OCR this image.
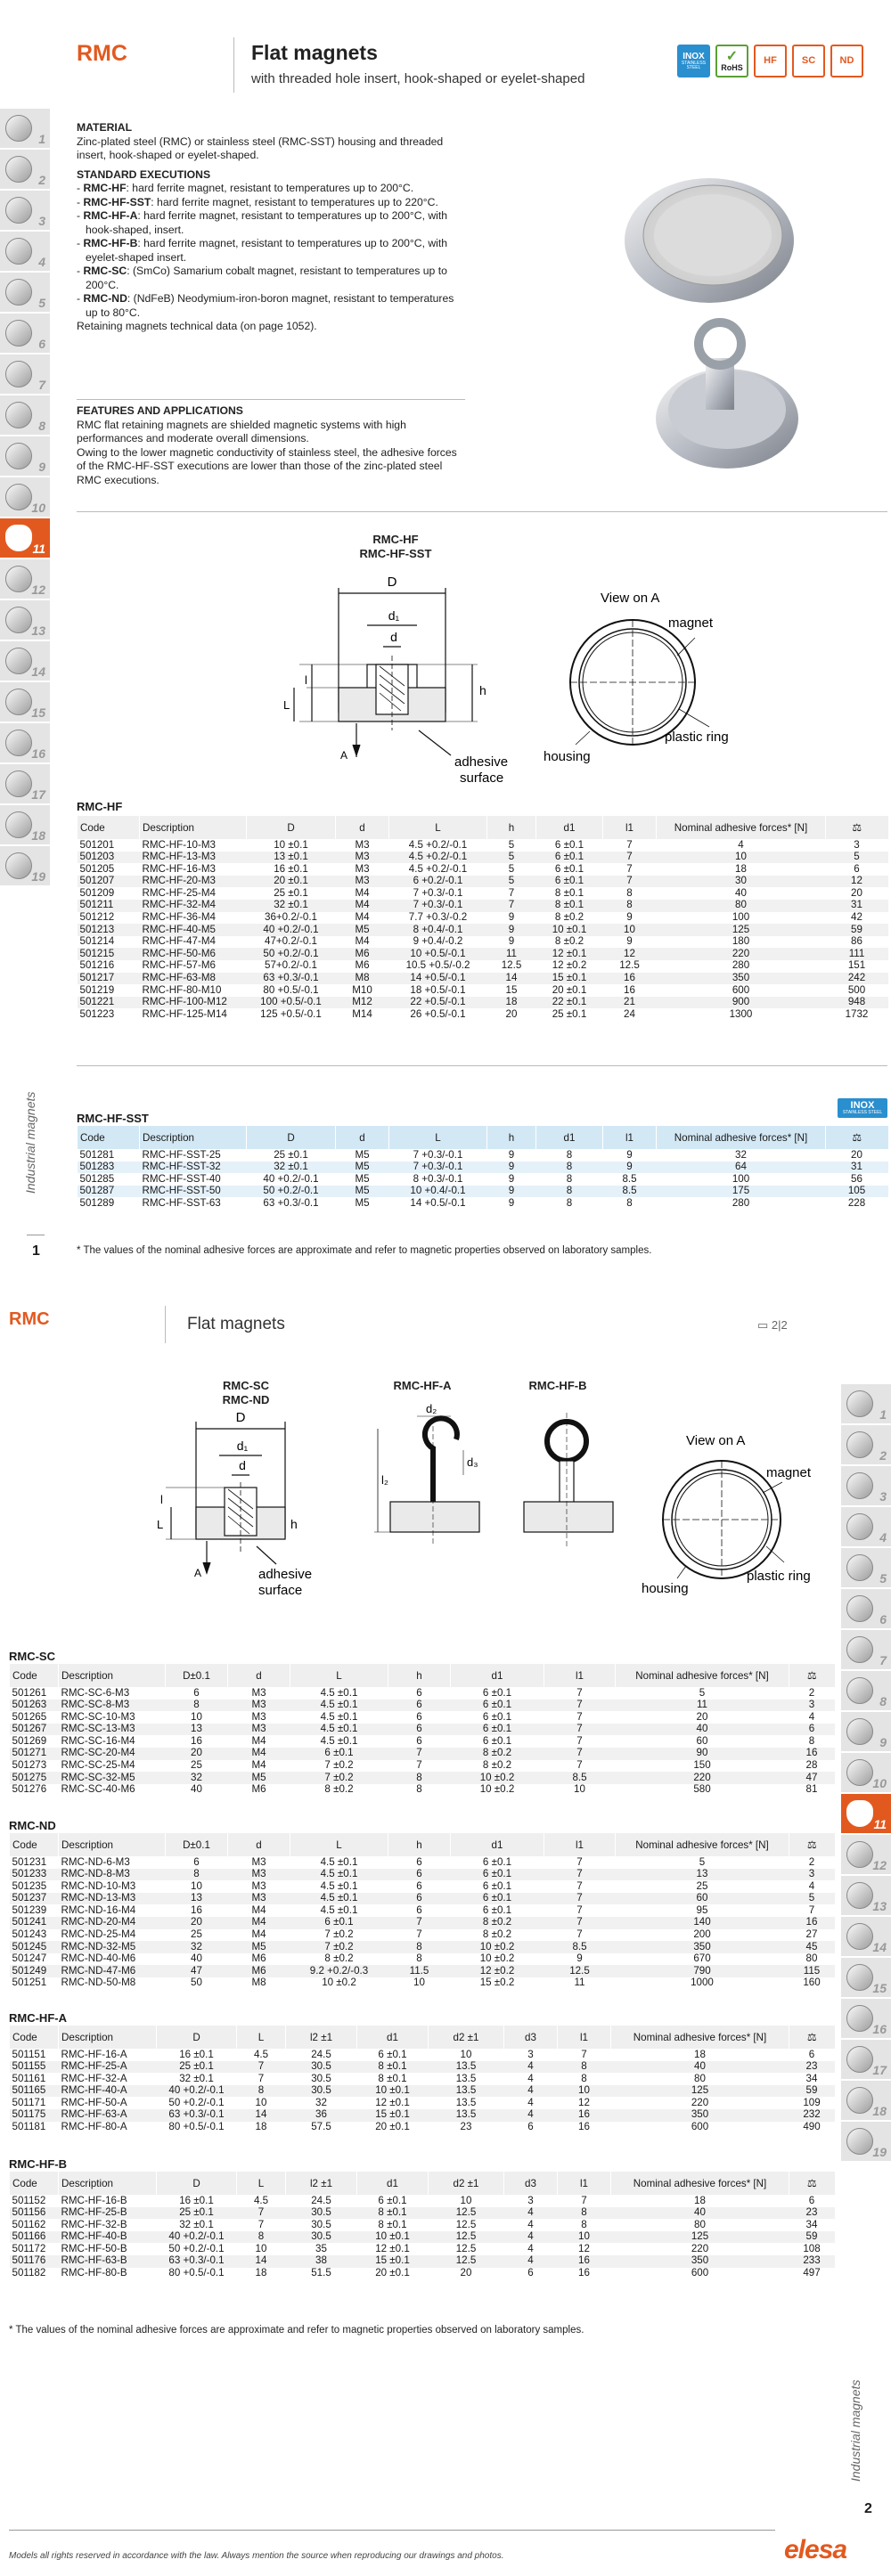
RMC	Flat magnets
with threaded hole insert, hook-shaped or eyelet-shaped
INOX
STAINLESS STEEL
✓
RoHS
HF	SC	ND
1
2
3
4
5
6
7
8
9
10
11
12
13
14
15
16
17
18
19
Industrial magnets
1
MATERIAL
Zinc-plated steel (RMC) or stainless steel (RMC-SST) housing and threaded insert, hook-shaped or eyelet-shaped.
STANDARD EXECUTIONS
- RMC-HF: hard ferrite magnet, resistant to temperatures up to 200°C.
- RMC-HF-SST: hard ferrite magnet, resistant to temperatures up to 220°C.
- RMC-HF-A: hard ferrite magnet, resistant to temperatures up to 200°C, with hook-shaped, insert.
- RMC-HF-B: hard ferrite magnet, resistant to temperatures up to 200°C, with eyelet-shaped insert.
- RMC-SC: (SmCo) Samarium cobalt magnet, resistant to temperatures up to 200°C.
- RMC-ND: (NdFeB) Neodymium-iron-boron magnet, resistant to temperatures up to 80°C.
Retaining magnets technical data (on page 1052).
FEATURES AND APPLICATIONS
RMC flat retaining magnets are shielded magnetic systems with high performances and moderate overall dimensions.
Owing to the lower magnetic conductivity of stainless steel, the adhesive forces of the RMC-HF-SST executions are lower than those of the zinc-plated steel RMC executions.
RMC-HF
RMC-HF-SST
D
d₁
d
l
L
h
A	adhesive
surface
View on A
magnet
plastic ring
housing
RMC-HF
Code	Description	D	d	L	h	d1	l1	Nominal adhesive forces* [N]	⚖
501201	RMC-HF-10-M3	10 ±0.1	M3	4.5 +0.2/-0.1	5	6 ±0.1	7	4	3
501203	RMC-HF-13-M3	13 ±0.1	M3	4.5 +0.2/-0.1	5	6 ±0.1	7	10	5
501205	RMC-HF-16-M3	16 ±0.1	M3	4.5 +0.2/-0.1	5	6 ±0.1	7	18	6
501207	RMC-HF-20-M3	20 ±0.1	M3	6 +0.2/-0.1	5	6 ±0.1	7	30	12
501209	RMC-HF-25-M4	25 ±0.1	M4	7 +0.3/-0.1	7	8 ±0.1	8	40	20
501211	RMC-HF-32-M4	32 ±0.1	M4	7 +0.3/-0.1	7	8 ±0.1	8	80	31
501212	RMC-HF-36-M4	36+0.2/-0.1	M4	7.7 +0.3/-0.2	9	8 ±0.2	9	100	42
501213	RMC-HF-40-M5	40 +0.2/-0.1	M5	8 +0.4/-0.1	9	10 ±0.1	10	125	59
501214	RMC-HF-47-M4	47+0.2/-0.1	M4	9 +0.4/-0.2	9	8 ±0.2	9	180	86
501215	RMC-HF-50-M6	50 +0.2/-0.1	M6	10 +0.5/-0.1	11	12 ±0.1	12	220	111
501216	RMC-HF-57-M6	57+0.2/-0.1	M6	10.5 +0.5/-0.2	12.5	12 ±0.2	12.5	280	151
501217	RMC-HF-63-M8	63 +0.3/-0.1	M8	14 +0.5/-0.1	14	15 ±0.1	16	350	242
501219	RMC-HF-80-M10	80 +0.5/-0.1	M10	18 +0.5/-0.1	15	20 ±0.1	16	600	500
501221	RMC-HF-100-M12	100 +0.5/-0.1	M12	22 +0.5/-0.1	18	22 ±0.1	21	900	948
501223	RMC-HF-125-M14	125 +0.5/-0.1	M14	26 +0.5/-0.1	20	25 ±0.1	24	1300	1732
RMC-HF-SST
INOX
STAINLESS STEEL
Code	Description	D	d	L	h	d1	l1	Nominal adhesive forces* [N]	⚖
501281	RMC-HF-SST-25	25 ±0.1	M5	7 +0.3/-0.1	9	8	9	32	20
501283	RMC-HF-SST-32	32 ±0.1	M5	7 +0.3/-0.1	9	8	9	64	31
501285	RMC-HF-SST-40	40 +0.2/-0.1	M5	8 +0.3/-0.1	9	8	8.5	100	56
501287	RMC-HF-SST-50	50 +0.2/-0.1	M5	10 +0.4/-0.1	9	8	8.5	175	105
501289	RMC-HF-SST-63	63 +0.3/-0.1	M5	14 +0.5/-0.1	9	8	8	280	228
* The values of the nominal adhesive forces are approximate and refer to magnetic properties observed on laboratory samples.
RMC	Flat magnets	▭ 2|2
1
2
3
4
5
6
7
8
9
10
11
12
13
14
15
16
17
18
19
Industrial magnets
2
RMC-SC
RMC-ND
RMC-HF-A	RMC-HF-B
D
d₁
d
l
L	h
A	adhesive
surface
d₂
l₂
d₃
View on A
magnet
plastic ring
housing
RMC-SC
Code	Description	D±0.1	d	L	h	d1	l1	Nominal adhesive forces* [N]	⚖
501261	RMC-SC-6-M3	6	M3	4.5 ±0.1	6	6 ±0.1	7	5	2
501263	RMC-SC-8-M3	8	M3	4.5 ±0.1	6	6 ±0.1	7	11	3
501265	RMC-SC-10-M3	10	M3	4.5 ±0.1	6	6 ±0.1	7	20	4
501267	RMC-SC-13-M3	13	M3	4.5 ±0.1	6	6 ±0.1	7	40	6
501269	RMC-SC-16-M4	16	M4	4.5 ±0.1	6	6 ±0.1	7	60	8
501271	RMC-SC-20-M4	20	M4	6 ±0.1	7	8 ±0.2	7	90	16
501273	RMC-SC-25-M4	25	M4	7 ±0.2	7	8 ±0.2	7	150	28
501275	RMC-SC-32-M5	32	M5	7 ±0.2	8	10 ±0.2	8.5	220	47
501276	RMC-SC-40-M6	40	M6	8 ±0.2	8	10 ±0.2	10	580	81
RMC-ND
Code	Description	D±0.1	d	L	h	d1	l1	Nominal adhesive forces* [N]	⚖
501231	RMC-ND-6-M3	6	M3	4.5 ±0.1	6	6 ±0.1	7	5	2
501233	RMC-ND-8-M3	8	M3	4.5 ±0.1	6	6 ±0.1	7	13	3
501235	RMC-ND-10-M3	10	M3	4.5 ±0.1	6	6 ±0.1	7	25	4
501237	RMC-ND-13-M3	13	M3	4.5 ±0.1	6	6 ±0.1	7	60	5
501239	RMC-ND-16-M4	16	M4	4.5 ±0.1	6	6 ±0.1	7	95	7
501241	RMC-ND-20-M4	20	M4	6 ±0.1	7	8 ±0.2	7	140	16
501243	RMC-ND-25-M4	25	M4	7 ±0.2	7	8 ±0.2	7	200	27
501245	RMC-ND-32-M5	32	M5	7 ±0.2	8	10 ±0.2	8.5	350	45
501247	RMC-ND-40-M6	40	M6	8 ±0.2	8	10 ±0.2	9	670	80
501249	RMC-ND-47-M6	47	M6	9.2 +0.2/-0.3	11.5	12 ±0.2	12.5	790	115
501251	RMC-ND-50-M8	50	M8	10 ±0.2	10	15 ±0.2	11	1000	160
RMC-HF-A
Code	Description	D	L	l2 ±1	d1	d2 ±1	d3	l1	Nominal adhesive forces* [N]	⚖
501151	RMC-HF-16-A	16 ±0.1	4.5	24.5	6 ±0.1	10	3	7	18	6
501155	RMC-HF-25-A	25 ±0.1	7	30.5	8 ±0.1	13.5	4	8	40	23
501161	RMC-HF-32-A	32 ±0.1	7	30.5	8 ±0.1	13.5	4	8	80	34
501165	RMC-HF-40-A	40 +0.2/-0.1	8	30.5	10 ±0.1	13.5	4	10	125	59
501171	RMC-HF-50-A	50 +0.2/-0.1	10	32	12 ±0.1	13.5	4	12	220	109
501175	RMC-HF-63-A	63 +0.3/-0.1	14	36	15 ±0.1	13.5	4	16	350	232
501181	RMC-HF-80-A	80 +0.5/-0.1	18	57.5	20 ±0.1	23	6	16	600	490
RMC-HF-B
Code	Description	D	L	l2 ±1	d1	d2 ±1	d3	l1	Nominal adhesive forces* [N]	⚖
501152	RMC-HF-16-B	16 ±0.1	4.5	24.5	6 ±0.1	10	3	7	18	6
501156	RMC-HF-25-B	25 ±0.1	7	30.5	8 ±0.1	12.5	4	8	40	23
501162	RMC-HF-32-B	32 ±0.1	7	30.5	8 ±0.1	12.5	4	8	80	34
501166	RMC-HF-40-B	40 +0.2/-0.1	8	30.5	10 ±0.1	12.5	4	10	125	59
501172	RMC-HF-50-B	50 +0.2/-0.1	10	35	12 ±0.1	12.5	4	12	220	108
501176	RMC-HF-63-B	63 +0.3/-0.1	14	38	15 ±0.1	12.5	4	16	350	233
501182	RMC-HF-80-B	80 +0.5/-0.1	18	51.5	20 ±0.1	20	6	16	600	497
* The values of the nominal adhesive forces are approximate and refer to magnetic properties observed on laboratory samples.
Models all rights reserved in accordance with the law. Always mention the source when reproducing our drawings and photos.	elesa
